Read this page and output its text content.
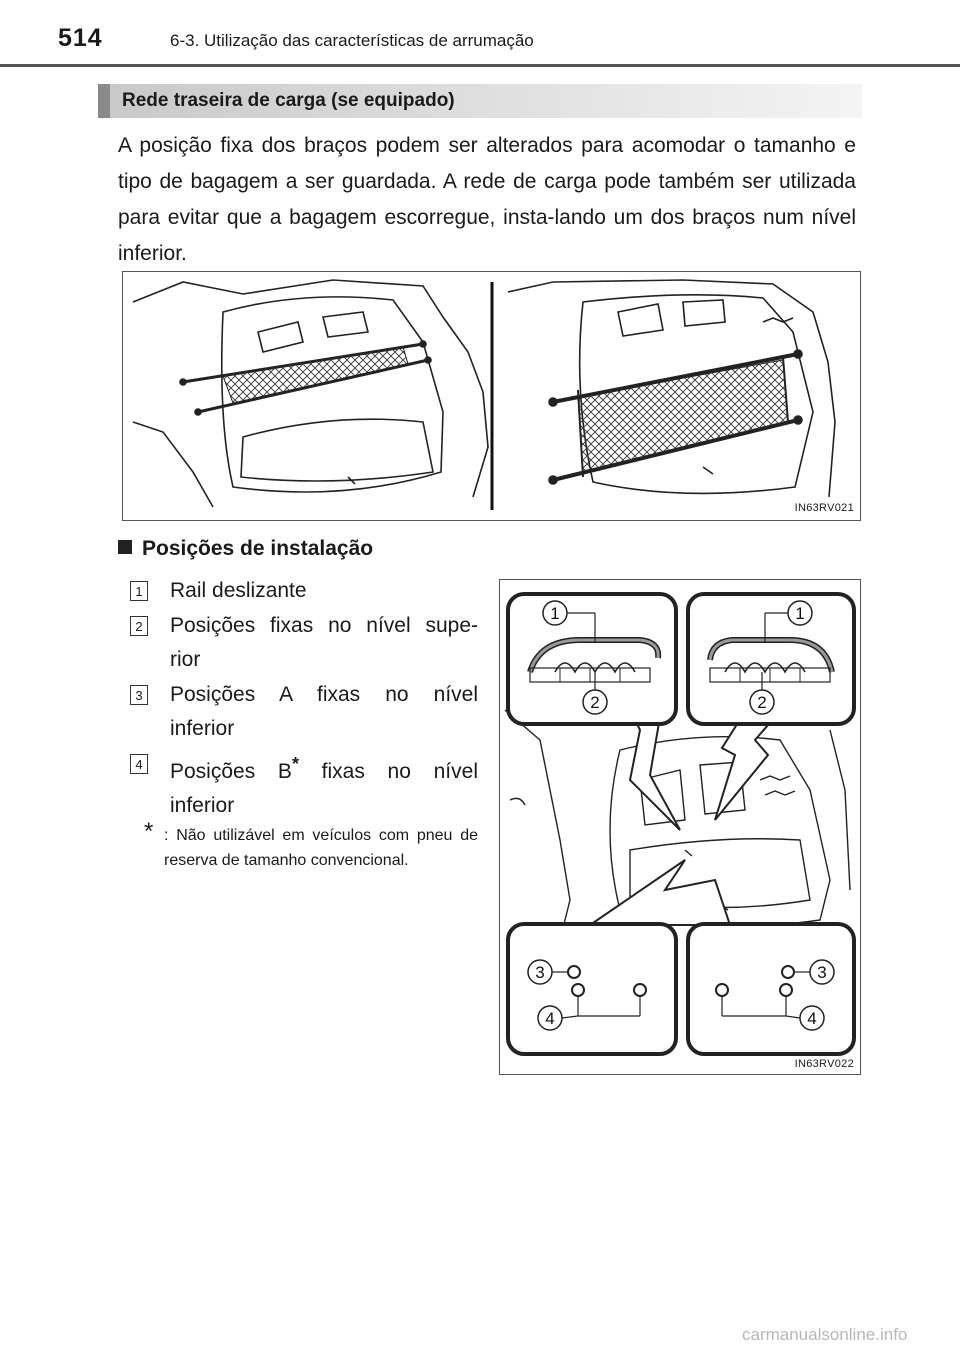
514	6-3. Utilização das características de arrumação
Rede traseira de carga (se equipado)

A posição fixa dos braços podem ser alterados para acomodar o tamanho e tipo de bagagem a ser guardada. A rede de carga pode também ser utilizada para evitar que a bagagem escorregue, insta-lando um dos braços num nível inferior.

IN63RV021
Posições de instalação
1 Rail deslizante
2 Posições fixas no nível supe-
rior
3 Posições A fixas no nível
inferior
4 Posições B* fixas no nível
inferior
* : Não utilizável em veículos com pneu de reserva de tamanho convencional.
1
2
1
2
3
4
3
4
IN63RV022
carmanualsonline.info
